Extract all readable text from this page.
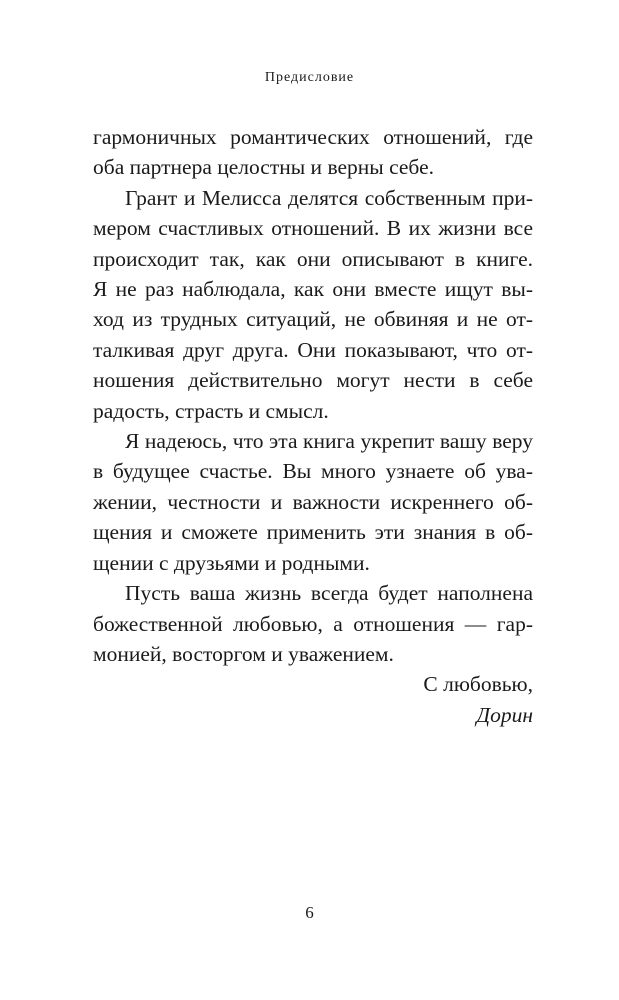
Предисловие
гармоничных романтических отношений, где
оба партнера целостны и верны себе.
Грант и Мелисса делятся собственным при-
мером счастливых отношений. В их жизни все
происходит так, как они описывают в книге.
Я не раз наблюдала, как они вместе ищут вы-
ход из трудных ситуаций, не обвиняя и не от-
талкивая друг друга. Они показывают, что от-
ношения действительно могут нести в себе
радость, страсть и смысл.
Я надеюсь, что эта книга укрепит вашу веру
в будущее счастье. Вы много узнаете об ува-
жении, честности и важности искреннего об-
щения и сможете применить эти знания в об-
щении с друзьями и родными.
Пусть ваша жизнь всегда будет наполнена
божественной любовью, а отношения — гар-
монией, восторгом и уважением.
С любовью,
Дорин
6
